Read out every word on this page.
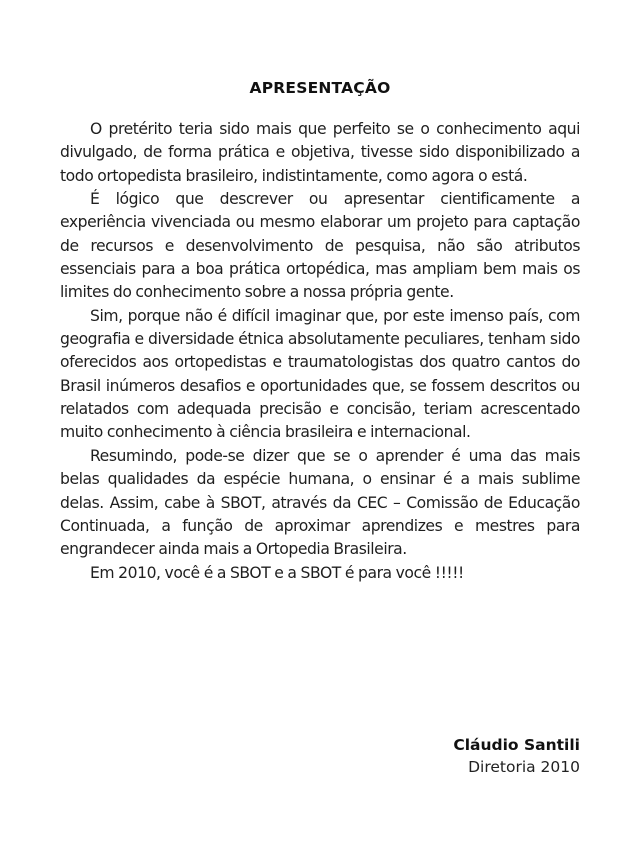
APRESENTAÇÃO

O pretérito teria sido mais que perfeito se o conhecimento aqui divulgado, de forma prática e objetiva, tivesse sido disponibilizado a todo ortopedista brasileiro, indistintamente, como agora o está.

É lógico que descrever ou apresentar cientificamente a experiência vivenciada ou mesmo elaborar um projeto para captação de recursos e desenvolvimento de pesquisa, não são atributos essenciais para a boa prática ortopédica, mas ampliam bem mais os limites do conhecimento sobre a nossa própria gente.

Sim, porque não é difícil imaginar que, por este imenso país, com geografia e diversidade étnica absolutamente peculiares, tenham sido oferecidos aos ortopedistas e traumatologistas dos quatro cantos do Brasil inúmeros desafios e oportunidades que, se fossem descritos ou relatados com adequada precisão e concisão, teriam acrescentado muito conhecimento à ciência brasileira e internacional.

Resumindo, pode-se dizer que se o aprender é uma das mais belas qualidades da espécie humana, o ensinar é a mais sublime delas. Assim, cabe à SBOT, através da CEC – Comissão de Educação Continuada, a função de aproximar aprendizes e mestres para engrandecer ainda mais a Ortopedia Brasileira.

Em 2010, você é a SBOT e a SBOT é para você !!!!!

Cláudio Santili
Diretoria 2010
